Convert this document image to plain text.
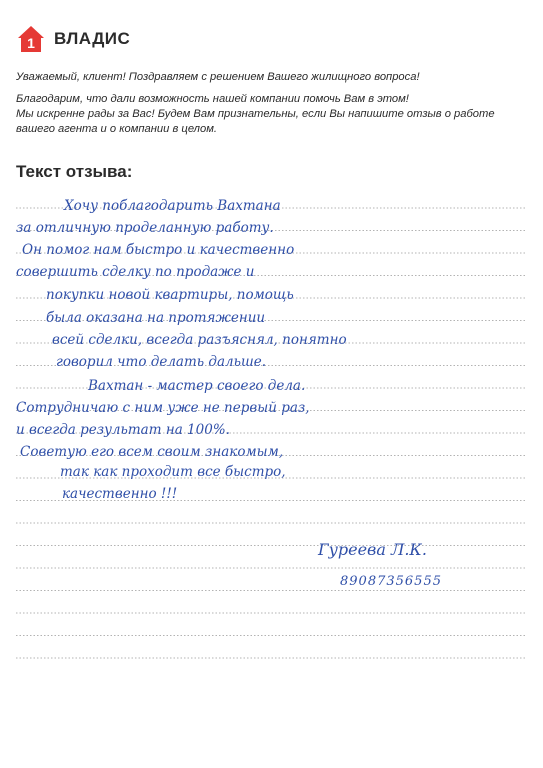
1 ВЛАДИС

Уважаемый, клиент! Поздравляем с решением Вашего жилищного вопроса!

Благодарим, что дали возможность нашей компании помочь Вам в этом!

Мы искренне рады за Вас! Будем Вам признательны, если Вы напишите отзыв о работе вашего агента и о компании в целом.

Текст отзыва:
Хочу поблагодарить Вахтана
за отличную проделанную работу.
Он помог нам быстро и качественно
совершить сделку по продаже и
покупки новой квартиры, помощь
была оказана на протяжении
всей сделки, всегда разъяснял, понятно
говорил что делать дальше.
Вахтан - мастер своего дела.
Сотрудничаю с ним уже не первый раз,
и всегда результат на 100%.
Советую его всем своим знакомым,
так как проходит все быстро,
качественно !!!
Гуреева Л.К.
89087356555
